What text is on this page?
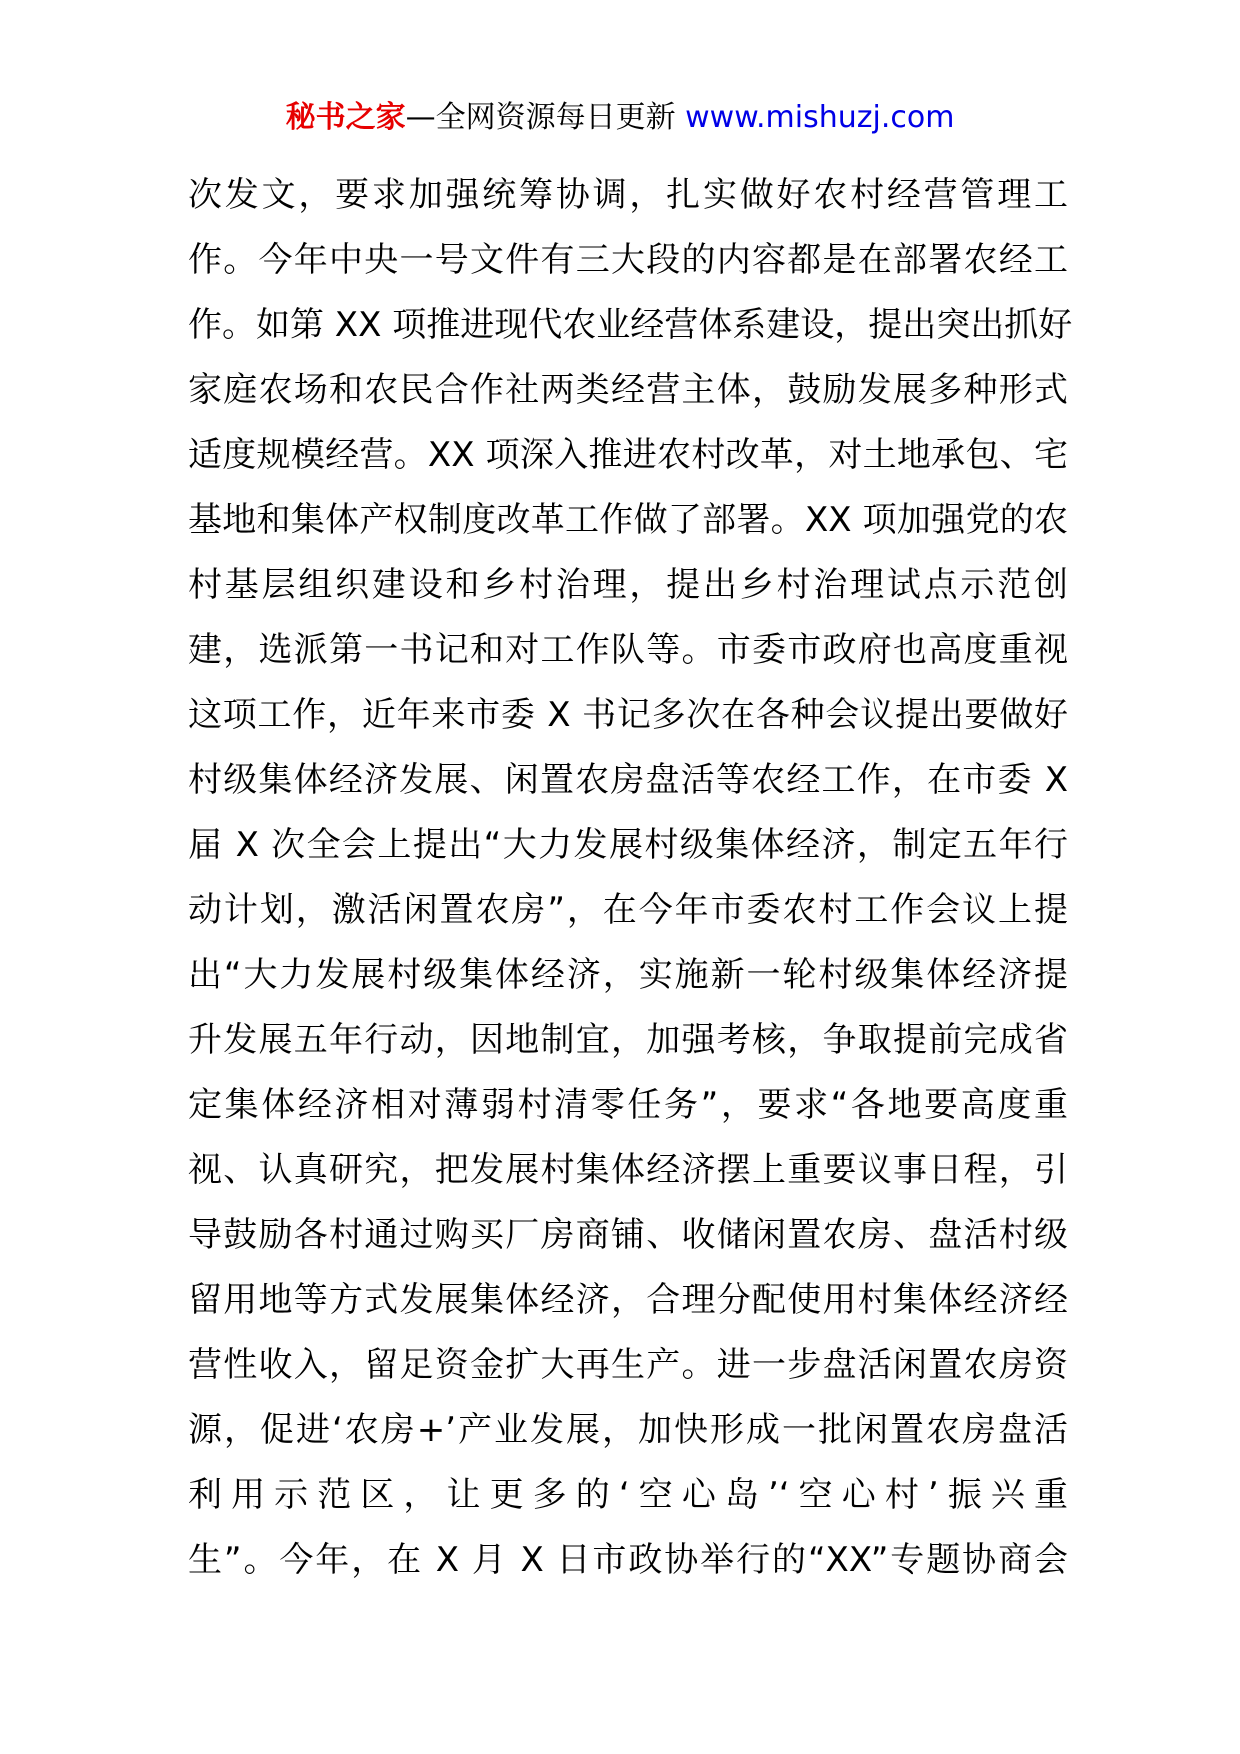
秘书之家—全网资源每日更新 www.mishuzj.com
次发文，要求加强统筹协调，扎实做好农村经营管理工
作。今年中央一号文件有三大段的内容都是在部署农经工
作。如第 XX 项推进现代农业经营体系建设，提出突出抓好
家庭农场和农民合作社两类经营主体，鼓励发展多种形式
适度规模经营。XX 项深入推进农村改革，对土地承包、宅
基地和集体产权制度改革工作做了部署。XX 项加强党的农
村基层组织建设和乡村治理，提出乡村治理试点示范创
建，选派第一书记和对工作队等。市委市政府也高度重视
这项工作，近年来市委 X 书记多次在各种会议提出要做好
村级集体经济发展、闲置农房盘活等农经工作，在市委 X
届 X 次全会上提出“大力发展村级集体经济，制定五年行
动计划，激活闲置农房”，在今年市委农村工作会议上提
出“大力发展村级集体经济，实施新一轮村级集体经济提
升发展五年行动，因地制宜，加强考核，争取提前完成省
定集体经济相对薄弱村清零任务”，要求“各地要高度重
视、认真研究，把发展村集体经济摆上重要议事日程，引
导鼓励各村通过购买厂房商铺、收储闲置农房、盘活村级
留用地等方式发展集体经济，合理分配使用村集体经济经
营性收入，留足资金扩大再生产。进一步盘活闲置农房资
源，促进‘农房+’产业发展，加快形成一批闲置农房盘活
利用示范区，让更多的‘空心岛’‘空心村’振兴重
生”。今年，在 X 月 X 日市政协举行的“XX”专题协商会
